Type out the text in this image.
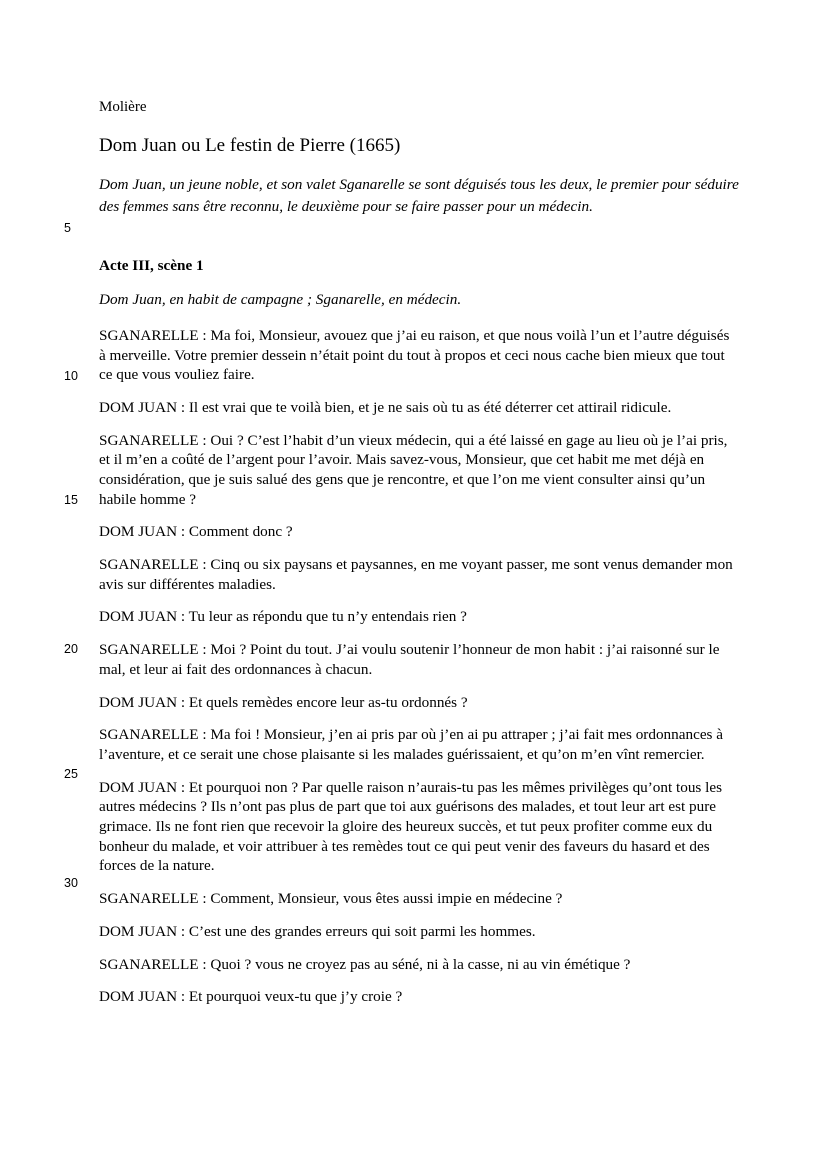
Molière
Dom Juan ou Le festin de Pierre (1665)
Dom Juan, un jeune noble, et son valet Sganarelle se sont déguisés tous les deux, le premier pour séduire des femmes sans être reconnu, le deuxième pour se faire passer pour un médecin.
Acte III, scène 1
Dom Juan, en habit de campagne ; Sganarelle, en médecin.

SGANARELLE : Ma foi, Monsieur, avouez que j’ai eu raison, et que nous voilà l’un et l’autre déguisés à merveille. Votre premier dessein n’était point du tout à propos et ceci nous cache bien mieux que tout ce que vous vouliez faire.

DOM JUAN : Il est vrai que te voilà bien, et je ne sais où tu as été déterrer cet attirail ridicule.

SGANARELLE : Oui ? C’est l’habit d’un vieux médecin, qui a été laissé en gage au lieu où je l’ai pris, et il m’en a coûté de l’argent pour l’avoir. Mais savez-vous, Monsieur, que cet habit me met déjà en considération, que je suis salué des gens que je rencontre, et que l’on me vient consulter ainsi qu’un habile homme ?

DOM JUAN : Comment donc ?

SGANARELLE : Cinq ou six paysans et paysannes, en me voyant passer, me sont venus demander mon avis sur différentes maladies.

DOM JUAN : Tu leur as répondu que tu n’y entendais rien ?

SGANARELLE : Moi ? Point du tout. J’ai voulu soutenir l’honneur de mon habit : j’ai raisonné sur le mal, et leur ai fait des ordonnances à chacun.

DOM JUAN : Et quels remèdes encore leur as-tu ordonnés ?

SGANARELLE : Ma foi ! Monsieur, j’en ai pris par où j’en ai pu attraper ; j’ai fait mes ordonnances à l’aventure, et ce serait une chose plaisante si les malades guérissaient, et qu’on m’en vînt remercier.

DOM JUAN : Et pourquoi non ? Par quelle raison n’aurais-tu pas les mêmes privilèges qu’ont tous les autres médecins ? Ils n’ont pas plus de part que toi aux guérisons des malades, et tout leur art est pure grimace. Ils ne font rien que recevoir la gloire des heureux succès, et tut peux profiter comme eux du bonheur du malade, et voir attribuer à tes remèdes tout ce qui peut venir des faveurs du hasard et des forces de la nature.

SGANARELLE : Comment, Monsieur, vous êtes aussi impie en médecine ?

DOM JUAN : C’est une des grandes erreurs qui soit parmi les hommes.

SGANARELLE : Quoi ? vous ne croyez pas au séné, ni à la casse, ni au vin émétique ?

DOM JUAN : Et pourquoi veux-tu que j’y croie ?

5
10
15
20
25
30
